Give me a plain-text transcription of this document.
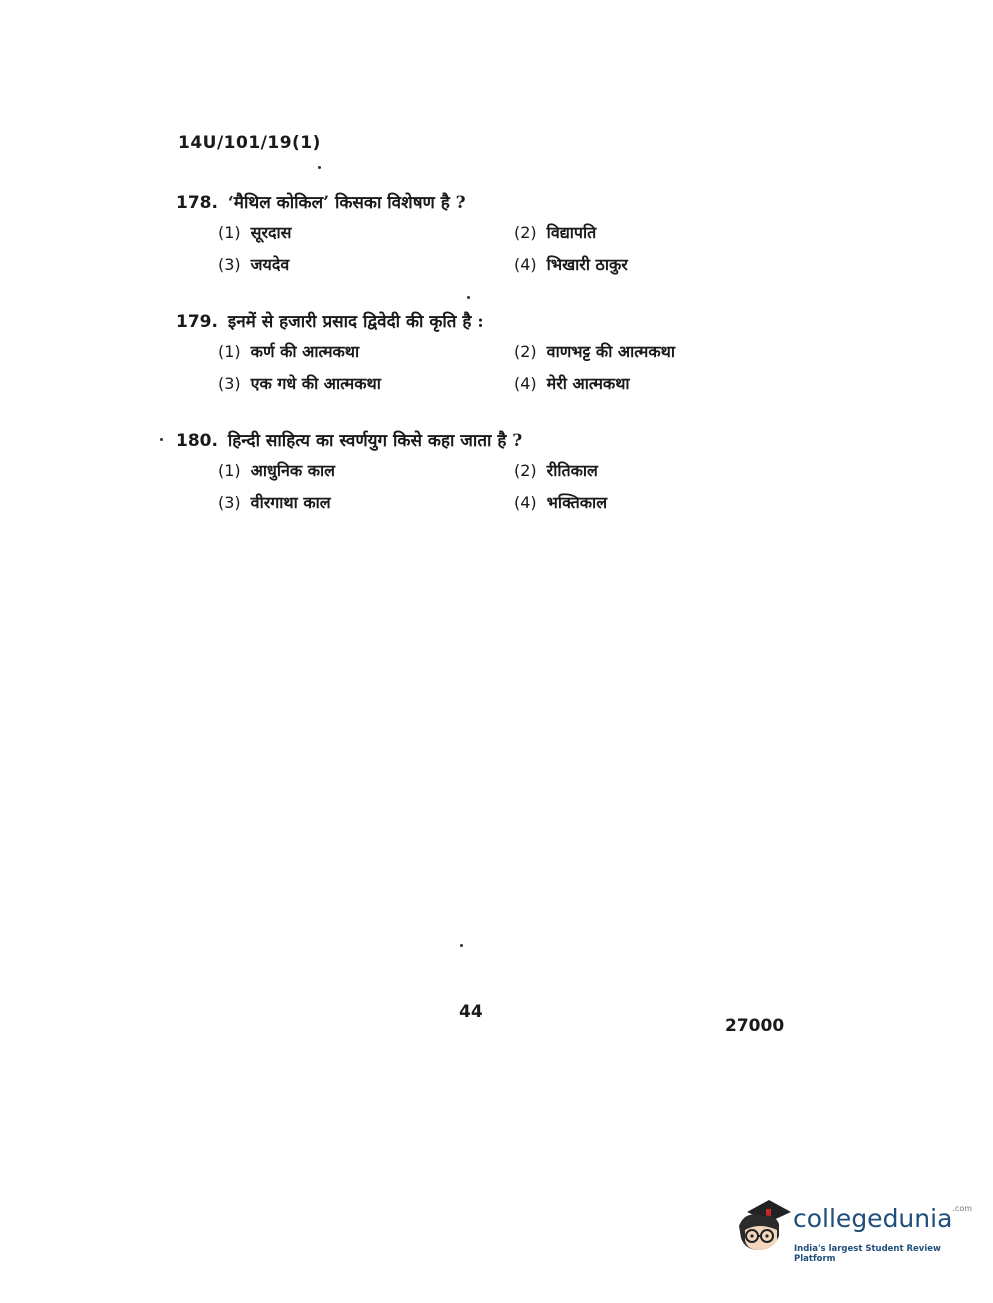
14U/101/19(1)
178. ‘मैथिल कोकिल’ किसका विशेषण है ?
(1) सूरदास	(2) विद्यापति
(3) जयदेव	(4) भिखारी ठाकुर
179. इनमें से हजारी प्रसाद द्विवेदी की कृति है :
(1) कर्ण की आत्मकथा	(2) वाणभट्ट की आत्मकथा
(3) एक गधे की आत्मकथा	(4) मेरी आत्मकथा
180. हिन्दी साहित्य का स्वर्णयुग किसे कहा जाता है ?
(1) आधुनिक काल	(2) रीतिकाल
(3) वीरगाथा काल	(4) भक्तिकाल
44
27000
collegedunia$^{.com}$
India's largest Student Review Platform
